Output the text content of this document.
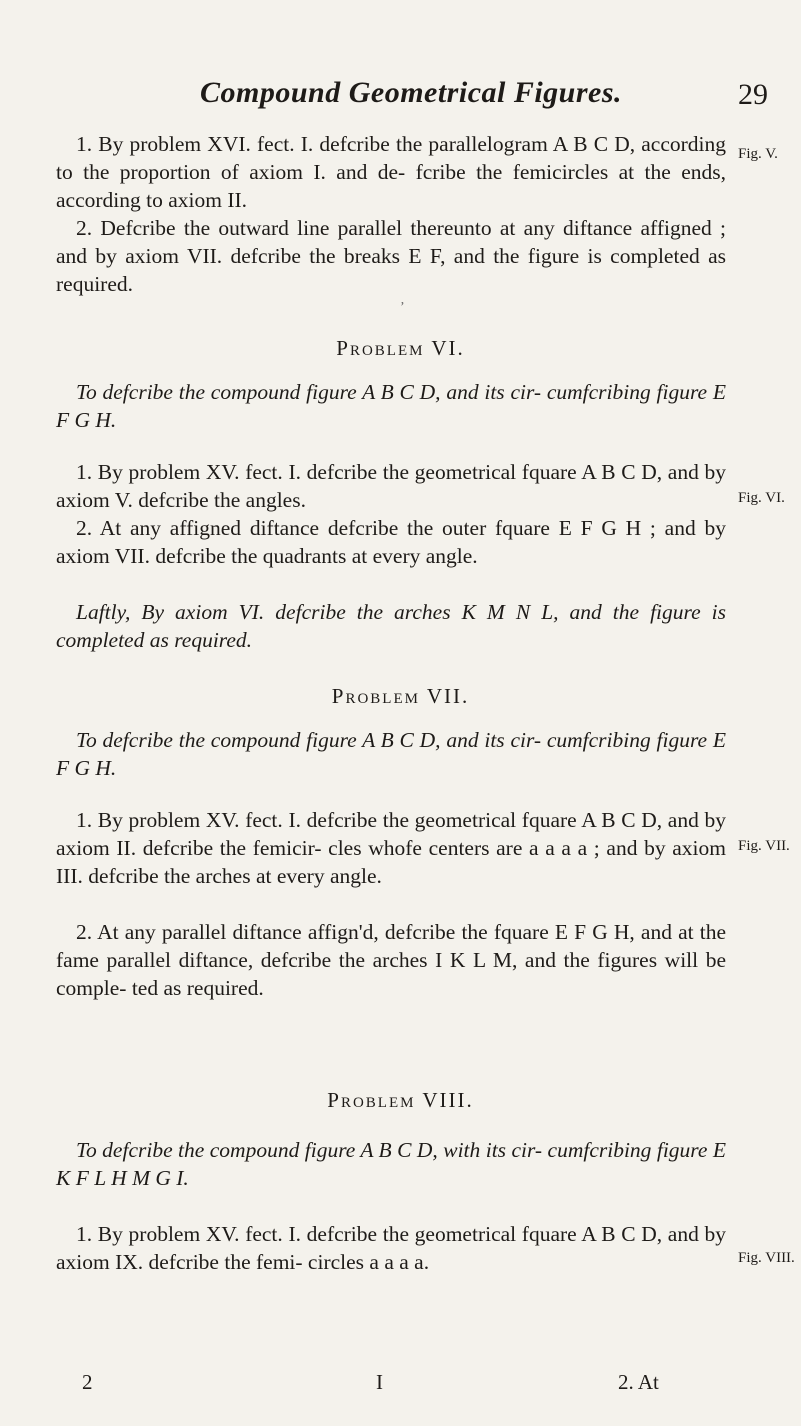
Compound Geometrical Figures.	29

1. By problem XVI. fect. I. defcribe the parallelogram A B C D, according to the proportion of axiom I. and de- fcribe the femicircles at the ends, according to axiom II.

Fig. V.

2. Defcribe the outward line parallel thereunto at any diftance affigned ; and by axiom VII. defcribe the breaks E F, and the figure is completed as required.

’
Problem VI.

To defcribe the compound figure A B C D, and its cir- cumfcribing figure E F G H.

1. By problem XV. fect. I. defcribe the geometrical fquare A B C D, and by axiom V. defcribe the angles.	Fig. VI.

2. At any affigned diftance defcribe the outer fquare E F G H ; and by axiom VII. defcribe the quadrants at every angle.

Laftly, By axiom VI. defcribe the arches K M N L, and the figure is completed as required.

Problem VII.

To defcribe the compound figure A B C D, and its cir- cumfcribing figure E F G H.

1. By problem XV. fect. I. defcribe the geometrical fquare A B C D, and by axiom II. defcribe the femicir- cles whofe centers are a a a a ; and by axiom III. defcribe the arches at every angle.

Fig. VII.

2. At any parallel diftance affign'd, defcribe the fquare E F G H, and at the fame parallel diftance, defcribe the arches I K L M, and the figures will be comple- ted as required.

Problem VIII.

To defcribe the compound figure A B C D, with its cir- cumfcribing figure E K F L H M G I.

1. By problem XV. fect. I. defcribe the geometrical fquare A B C D, and by axiom IX. defcribe the femi- circles a a a a.	Fig. VIII.
2	I	2. At
